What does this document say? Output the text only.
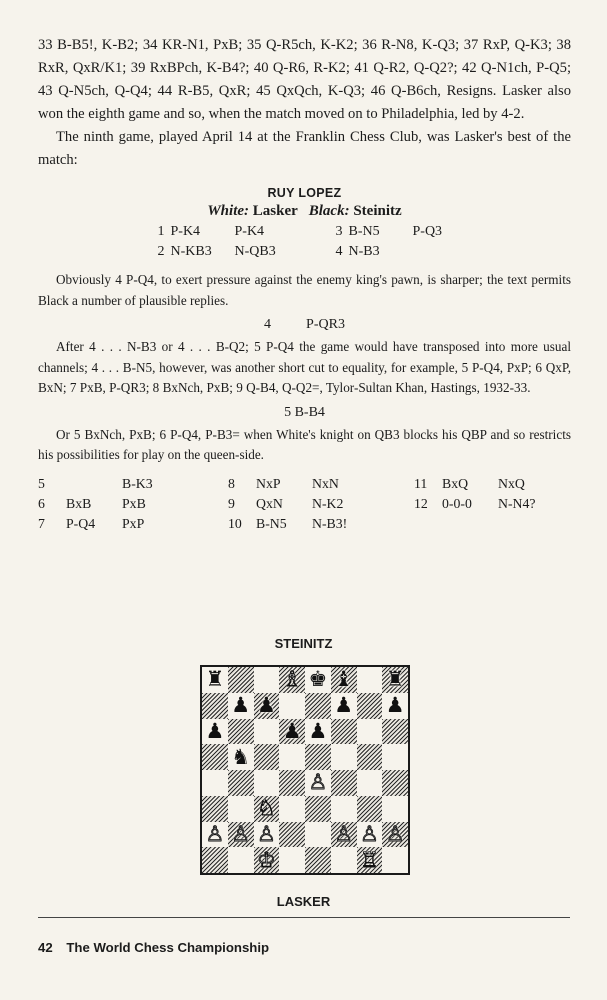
33 B-B5!, K-B2; 34 KR-N1, PxB; 35 Q-R5ch, K-K2; 36 R-N8, K-Q3; 37 RxP, Q-K3; 38 RxR, QxR/K1; 39 RxBPch, K-B4?; 40 Q-R6, R-K2; 41 Q-R2, Q-Q2?; 42 Q-N1ch, P-Q5; 43 Q-N5ch, Q-Q4; 44 R-B5, QxR; 45 QxQch, K-Q3; 46 Q-B6ch, Resigns. Lasker also won the eighth game and so, when the match moved on to Philadelphia, led by 4-2.

The ninth game, played April 14 at the Franklin Chess Club, was Lasker's best of the match:

RUY LOPEZ
White: Lasker Black: Steinitz
1 P-K4 P-K4	3 B-N5 P-Q3
2 N-KB3 N-QB3	4 N-B3

Obviously 4 P-Q4, to exert pressure against the enemy king's pawn, is sharper; the text permits Black a number of plausible replies.

4          P-QR3

After 4 . . . N-B3 or 4 . . . B-Q2; 5 P-Q4 the game would have transposed into more usual channels; 4 . . . B-N5, however, was another short cut to equality, for example, 5 P-Q4, PxP; 6 QxP, BxN; 7 PxB, P-QR3; 8 BxNch, PxB; 9 Q-B4, Q-Q2=, Tylor-Sultan Khan, Hastings, 1932-33.

5 B-B4

Or 5 BxNch, PxB; 6 P-Q4, P-B3= when White's knight on QB3 blocks his QBP and so restricts his possibilities for play on the queen-side.

5	B-K3	8	NxP	NxN	11	BxQ	NxQ
6	BxB	PxB	9	QxN	N-K2	12	0-0-0	N-N4?
7	P-Q4	PxP	10	B-N5	N-B3!
STEINITZ
♜	♗ ♚ ♝ ♜
♟ ♟	♟ ♟
♟	♟ ♟
♞
♙
♘
♙ ♙ ♙	♙ ♙ ♙
♔	♖
LASKER
42 The World Chess Championship
